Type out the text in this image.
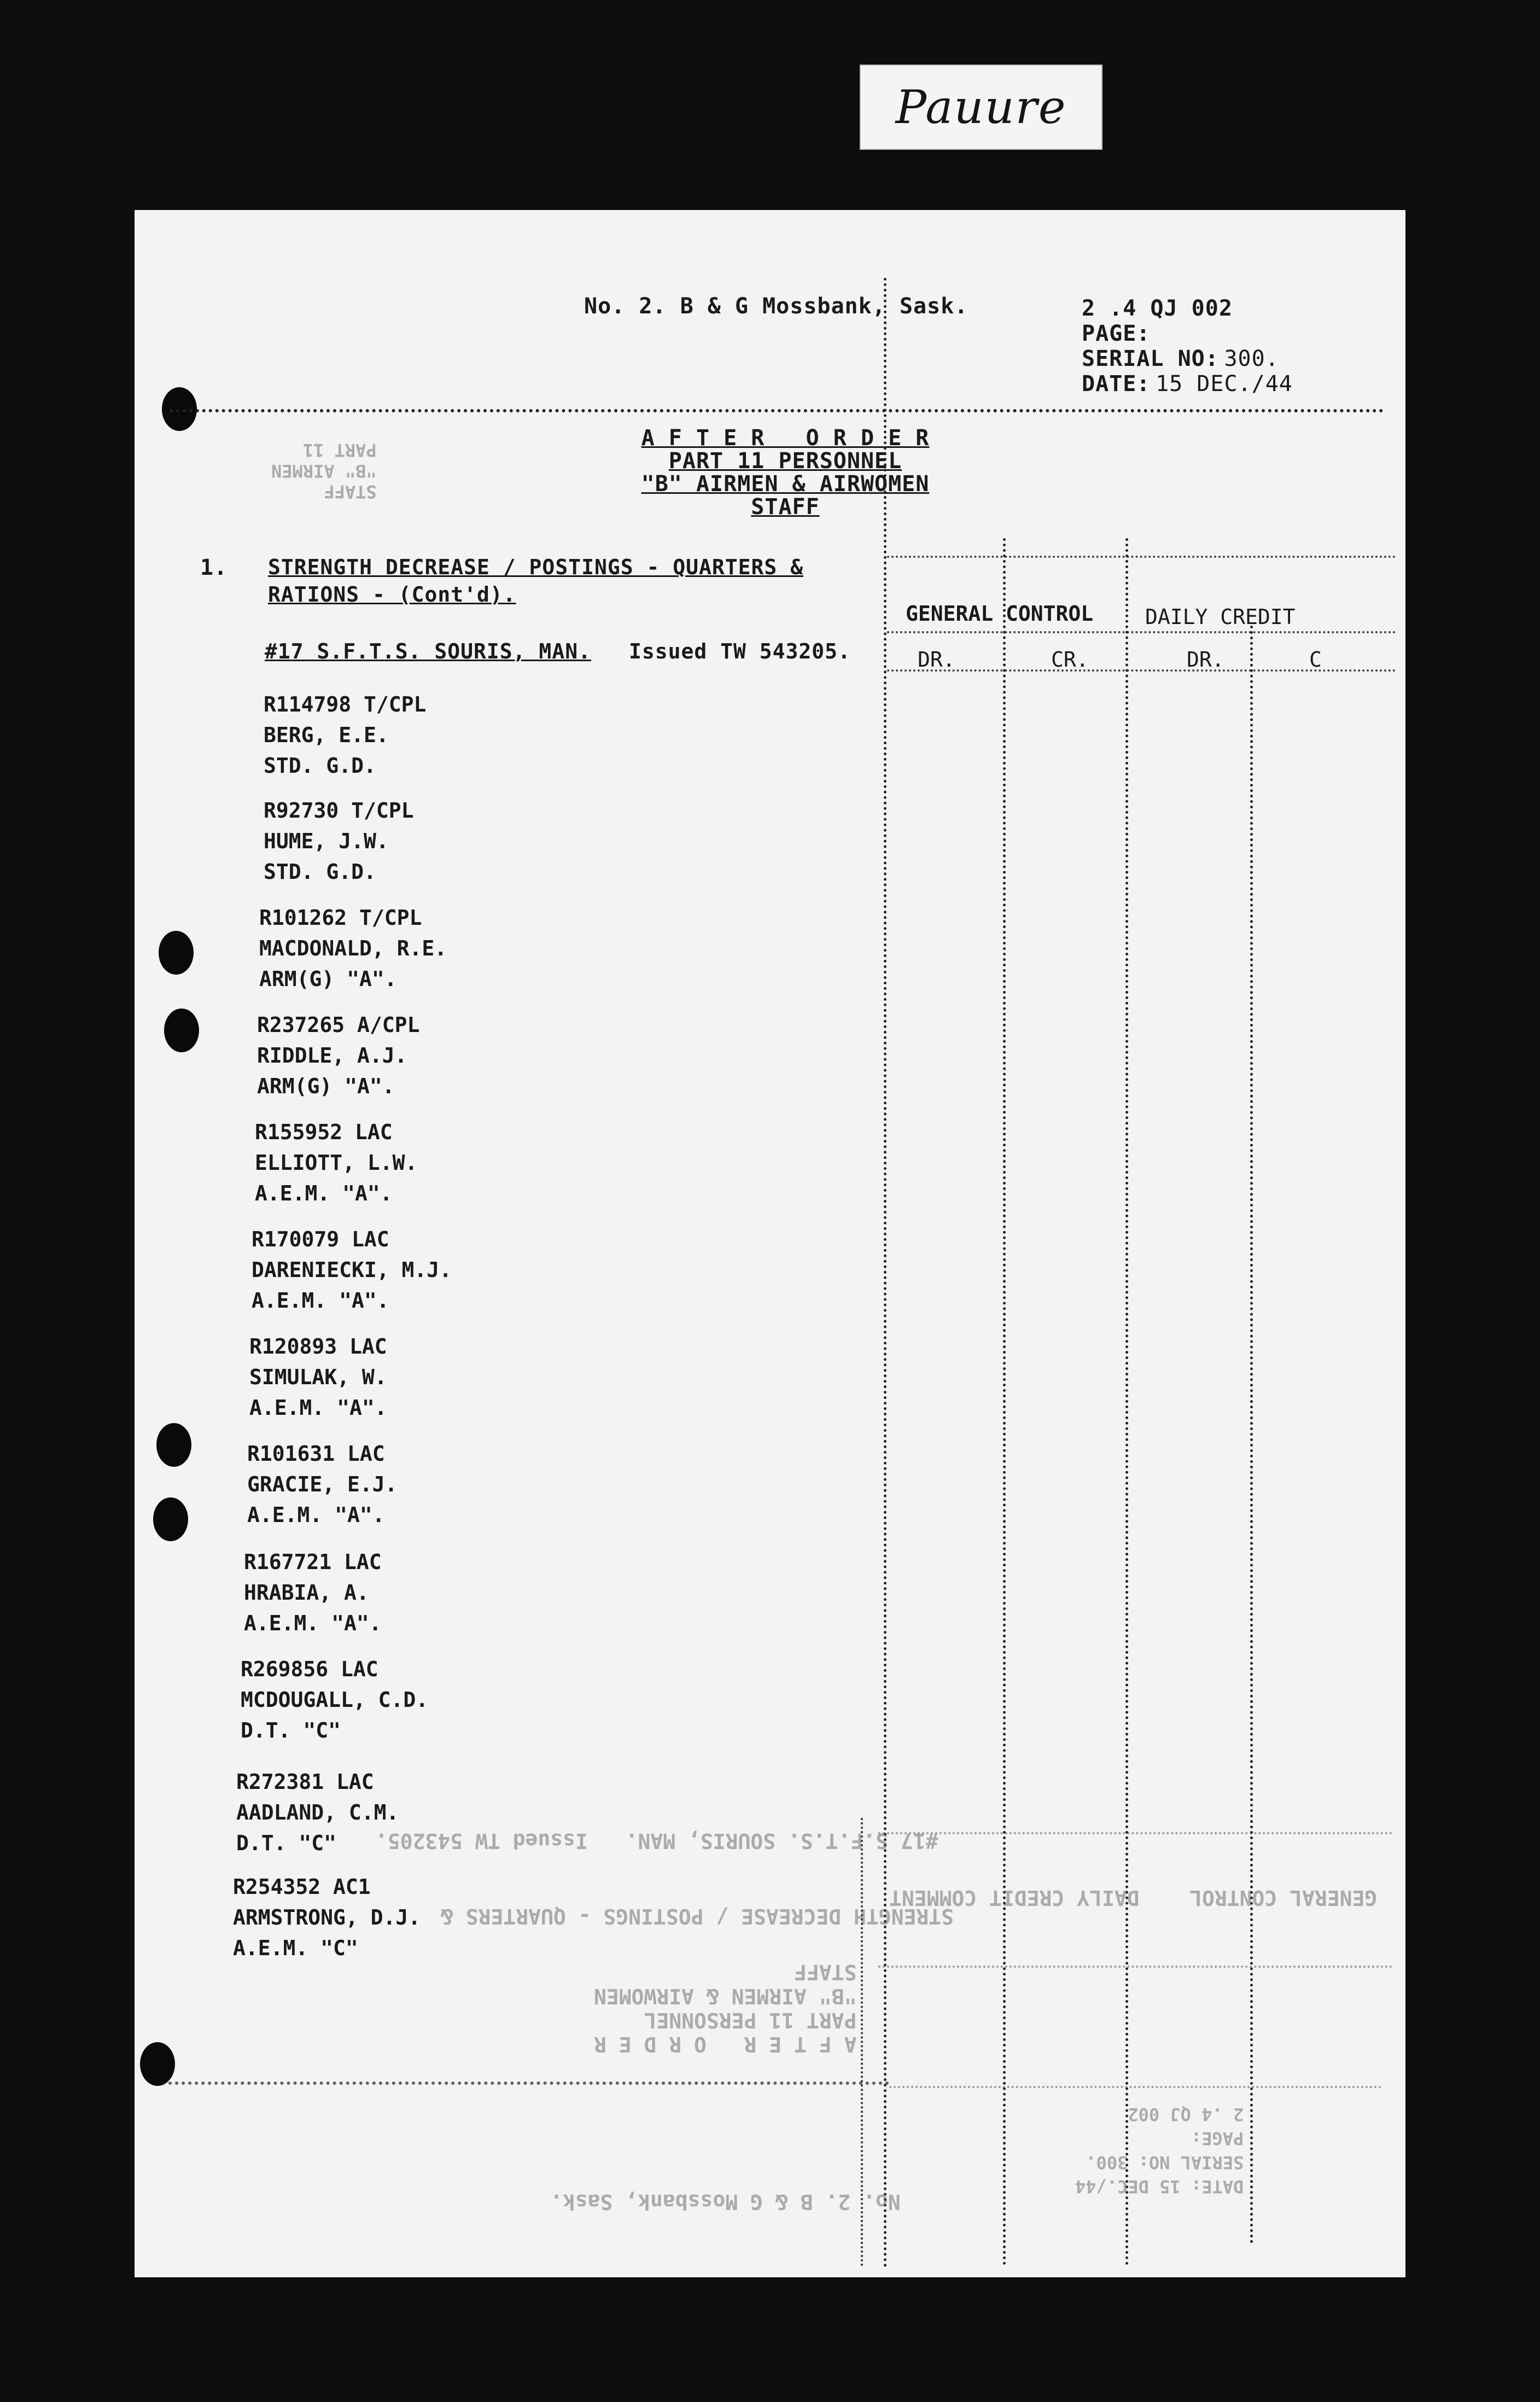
Pauure
No. 2. B & G Mossbank, Sask.	2 .4 QJ 002
PAGE:
SERIAL NO: 300.
DATE: 15 DEC./44
STAFF
"B" AIRMEN
PART 11	A F T E R   O R D E R
PART 11 PERSONNEL
"B" AIRMEN & AIRWOMEN
STAFF
1. STRENGTH DECREASE / POSTINGS - QUARTERS &
RATIONS - (Cont'd).
#17 S.F.T.S. SOURIS, MAN. Issued TW 543205.
GENERAL CONTROL DAILY CREDIT
DR.	CR.	DR.	C
R114798 T/CPL
BERG, E.E.
STD. G.D.
R92730 T/CPL
HUME, J.W.
STD. G.D.
R101262 T/CPL
MACDONALD, R.E.
ARM(G) "A".
R237265 A/CPL
RIDDLE, A.J.
ARM(G) "A".
R155952 LAC
ELLIOTT, L.W.
A.E.M. "A".
R170079 LAC
DARENIECKI, M.J.
A.E.M. "A".
R120893 LAC
SIMULAK, W.
A.E.M. "A".
R101631 LAC
GRACIE, E.J.
A.E.M. "A".
R167721 LAC
HRABIA, A.
A.E.M. "A".
R269856 LAC
MCDOUGALL, C.D.
D.T. "C"
R272381 LAC
AADLAND, C.M.
D.T. "C"
R254352 AC1
ARMSTRONG, D.J.
A.E.M. "C"
#17 S.F.T.S. SOURIS, MAN.   Issued TW 543205.
STRENGTH DECREASE / POSTINGS - QUARTERS &
GENERAL CONTROL    DAILY CREDIT COMMENT
A F T E R   O R D E R
PART 11 PERSONNEL
"B" AIRMEN & AIRWOMEN
STAFF
DATE: 15 DEC./44
SERIAL NO: 300.
PAGE:
2 .4 QJ 002
No. 2. B & G Mossbank, Sask.
